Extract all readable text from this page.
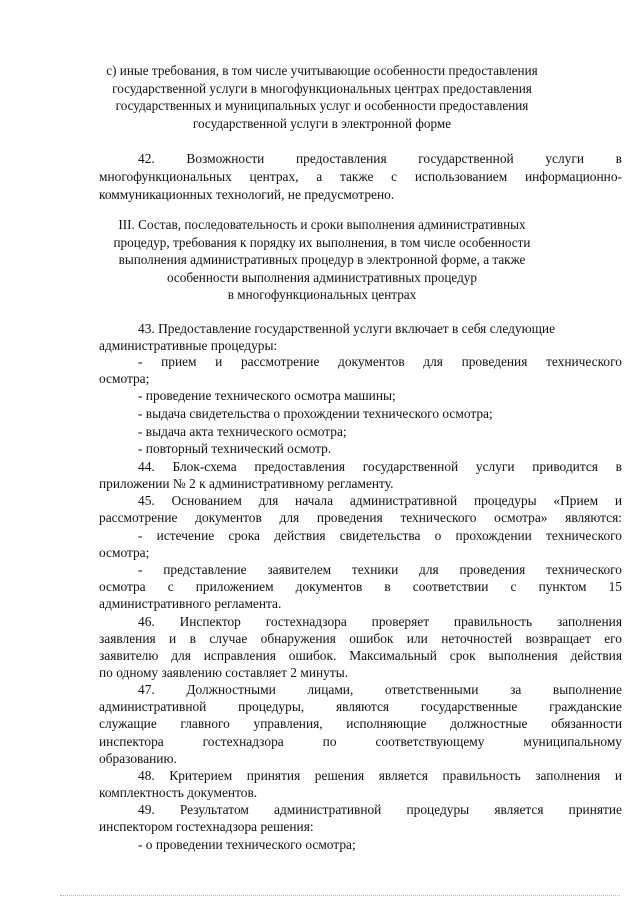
с) иные требования, в том числе учитывающие особенности предоставления
государственной услуги в многофункциональных центрах предоставления
государственных и муниципальных услуг и особенности предоставления
государственной услуги в электронной форме
42. Возможности предоставления государственной услуги в
многофункциональных центрах, а также с использованием информационно-
коммуникационных технологий, не предусмотрено.
III. Состав, последовательность и сроки выполнения административных
процедур, требования к порядку их выполнения, в том числе особенности
выполнения административных процедур в электронной форме, а также
особенности выполнения административных процедур
в многофункциональных центрах
43. Предоставление государственной услуги включает в себя следующие
административные процедуры:
- прием и рассмотрение документов для проведения технического
осмотра;
- проведение технического осмотра машины;
- выдача свидетельства о прохождении технического осмотра;
- выдача акта технического осмотра;
- повторный технический осмотр.
44. Блок-схема предоставления государственной услуги приводится в
приложении № 2 к административному регламенту.
45. Основанием для начала административной процедуры «Прием и
рассмотрение документов для проведения технического осмотра» являются:
- истечение срока действия свидетельства о прохождении технического
осмотра;
- представление заявителем техники для проведения технического
осмотра с приложением документов в соответствии с пунктом 15
административного регламента.
46. Инспектор гостехнадзора проверяет правильность заполнения
заявления и в случае обнаружения ошибок или неточностей возвращает его
заявителю для исправления ошибок. Максимальный срок выполнения действия
по одному заявлению составляет 2 минуты.
47. Должностными лицами, ответственными за выполнение
административной процедуры, являются государственные гражданские
служащие главного управления, исполняющие должностные обязанности
инспектора гостехнадзора по соответствующему муниципальному
образованию.
48. Критерием принятия решения является правильность заполнения и
комплектность документов.
49. Результатом административной процедуры является принятие
инспектором гостехнадзора решения:
- о проведении технического осмотра;
